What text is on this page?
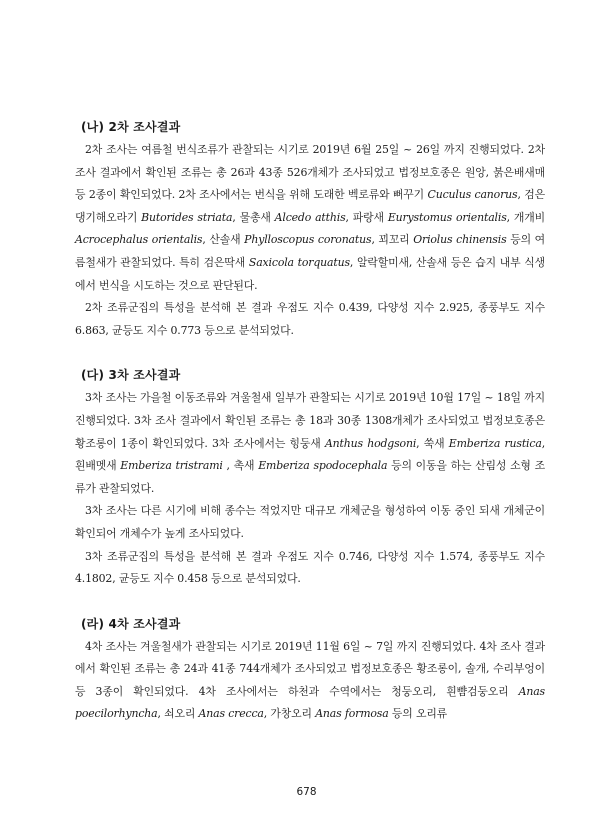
(나) 2차 조사결과
2차 조사는 여름철 번식조류가 관찰되는 시기로 2019년 6월 25일 ~ 26일 까지 진행되었다. 2차 조사 결과에서 확인된 조류는 총 26과 43종 526개체가 조사되었고 법정보호종은 원앙, 붉은배새매 등 2종이 확인되었다. 2차 조사에서는 번식을 위해 도래한 벡로류와 뻐꾸기 Cuculus canorus, 검은댕기해오라기 Butorides striata, 물총새 Alcedo atthis, 파랑새 Eurystomus orientalis, 개개비 Acrocephalus orientalis, 산솔새 Phylloscopus coronatus, 꾀꼬리 Oriolus chinensis 등의 여름철새가 관찰되었다. 특히 검은딱새 Saxicola torquatus, 알락할미새, 산솔새 등은 습지 내부 식생에서 번식을 시도하는 것으로 판단된다.
2차 조류군집의 특성을 분석해 본 결과 우점도 지수 0.439, 다양성 지수 2.925, 종풍부도 지수 6.863, 균등도 지수 0.773 등으로 분석되었다.
(다) 3차 조사결과
3차 조사는 가을철 이동조류와 겨울철새 일부가 관찰되는 시기로 2019년 10월 17일 ~ 18일 까지 진행되었다. 3차 조사 결과에서 확인된 조류는 총 18과 30종 1308개체가 조사되었고 법정보호종은 황조롱이 1종이 확인되었다. 3차 조사에서는 힝둥새 Anthus hodgsoni, 쑥새 Emberiza rustica, 흰배멧새 Emberiza tristrami , 촉새 Emberiza spodocephala 등의 이동을 하는 산림성 소형 조류가 관찰되었다.
3차 조사는 다른 시기에 비해 종수는 적었지만 대규모 개체군을 형성하여 이동 중인 되새 개체군이 확인되어 개체수가 높게 조사되었다.
3차 조류군집의 특성을 분석해 본 결과 우점도 지수 0.746, 다양성 지수 1.574, 종풍부도 지수 4.1802, 균등도 지수 0.458 등으로 분석되었다.
(라) 4차 조사결과
4차 조사는 겨울철새가 관찰되는 시기로 2019년 11월 6일 ~ 7일 까지 진행되었다. 4차 조사 결과에서 확인된 조류는 총 24과 41종 744개체가 조사되었고 법정보호종은 황조롱이, 솔개, 수리부엉이 등 3종이 확인되었다. 4차 조사에서는 하천과 수역에서는 청둥오리, 흰뺨검둥오리 Anas poecilorhyncha, 쇠오리 Anas crecca, 가창오리 Anas formosa 등의 오리류
678
